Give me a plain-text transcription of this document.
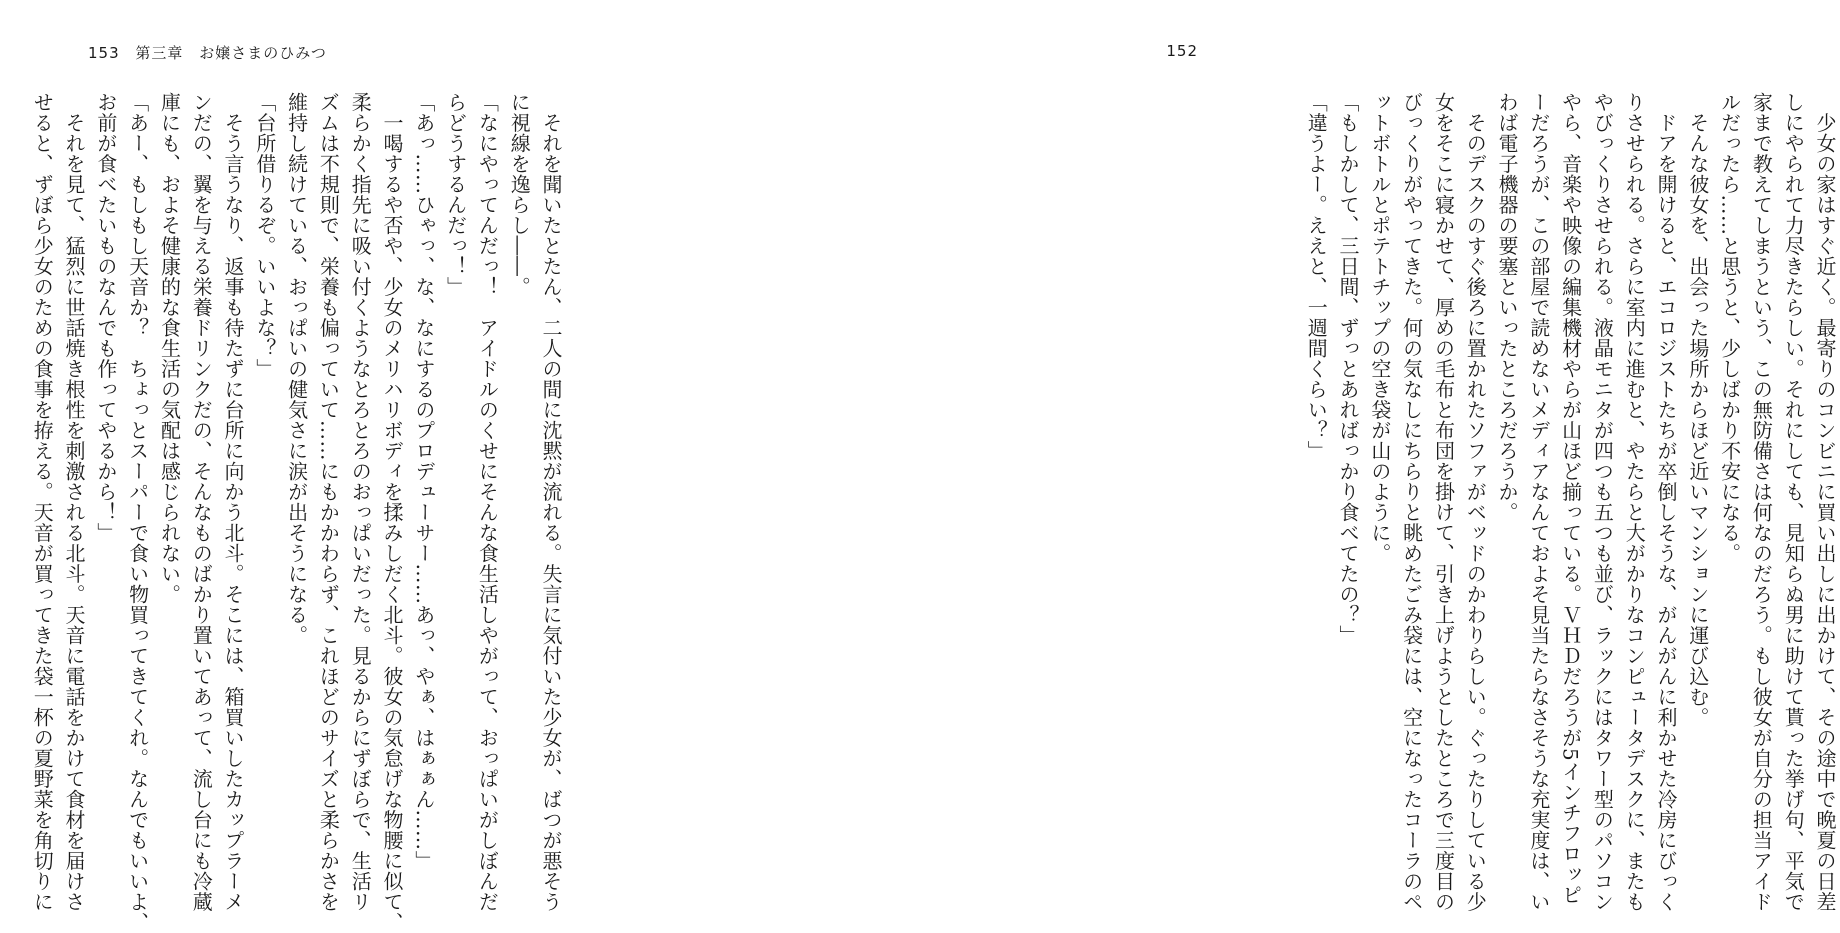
153 第三章 お嬢さまのひみつ
　それを聞いたとたん、二人の間に沈黙が流れる。失言に気付いた少女が、ばつが悪そう
に視線を逸らし――。
「なにやってんだっ！　アイドルのくせにそんな食生活しやがって、おっぱいがしぼんだ
らどうするんだっ！」
「あっ……ひゃっ、な、なにするのプロデューサー……あっ、やぁ、はぁぁん……」
　一喝するや否や、少女のメリハリボディを揉みしだく北斗。彼女の気怠げな物腰に似て、
柔らかく指先に吸い付くようなとろとろのおっぱいだった。見るからにずぼらで、生活リ
ズムは不規則で、栄養も偏っていて……にもかかわらず、これほどのサイズと柔らかさを
維持し続けている、おっぱいの健気さに涙が出そうになる。
「台所借りるぞ。いいよな？」
　そう言うなり、返事も待たずに台所に向かう北斗。そこには、箱買いしたカップラーメ
ンだの、翼を与える栄養ドリンクだの、そんなものばかり置いてあって、流し台にも冷蔵
庫にも、およそ健康的な食生活の気配は感じられない。
「あー、もしもし天音か？　ちょっとスーパーで食い物買ってきてくれ。なんでもいいよ、
お前が食べたいものなんでも作ってやるから！」
　それを見て、猛烈に世話焼き根性を刺激される北斗。天音に電話をかけて食材を届けさ
せると、ずぼら少女のための食事を拵える。天音が買ってきた袋一杯の夏野菜を角切りに
152
　少女の家はすぐ近く。最寄りのコンビニに買い出しに出かけて、その途中で晩夏の日差
しにやられて力尽きたらしい。それにしても、見知らぬ男に助けて貰った挙げ句、平気で
家まで教えてしまうという、この無防備さは何なのだろう。もし彼女が自分の担当アイド
ルだったら……と思うと、少しばかり不安になる。
　そんな彼女を、出会った場所からほど近いマンションに運び込む。
　ドアを開けると、エコロジストたちが卒倒しそうな、がんがんに利かせた冷房にびっく
りさせられる。さらに室内に進むと、やたらと大がかりなコンピュータデスクに、またも
やびっくりさせられる。液晶モニタが四つも五つも並び、ラックにはタワー型のパソコン
やら、音楽や映像の編集機材やらが山ほど揃っている。ＶＨＤだろうが5インチフロッピ
ーだろうが、この部屋で読めないメディアなんておよそ見当たらなさそうな充実度は、い
わば電子機器の要塞といったところだろうか。
　そのデスクのすぐ後ろに置かれたソファがベッドのかわりらしい。ぐったりしている少
女をそこに寝かせて、厚めの毛布と布団を掛けて、引き上げようとしたところで三度目の
びっくりがやってきた。何の気なしにちらりと眺めたごみ袋には、空になったコーラのペ
ットボトルとポテトチップの空き袋が山のように。
「もしかして、三日間、ずっとあればっかり食べてたの？」
「違うよー。ええと、一週間くらい？」
